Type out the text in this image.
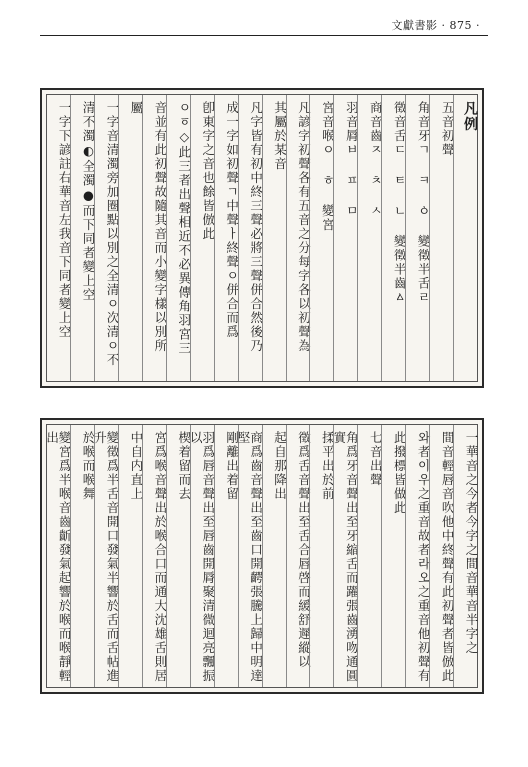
文獻書影 · 875 ·
凡例
五音初聲
角音牙ㄱ ㅋ ㆁ 變徵半舌ㄹ
徵音舌ㄷ ㅌ ㄴ 變徵半齒ㅿ
商音齒ㅈ ㅊ ㅅ
羽音脣ㅂ ㅍ ㅁ
宮音喉ㅇ ㅎ 變宮
凡諺字初聲各有五音之分每字各以初聲為
其屬於某音
凡字皆有初中終三聲必將三聲併合然後乃
成一字如初聲ㄱ中聲ㅏ終聲ㅇ併合而爲
卽東字之音也餘皆倣此
ㅇㆆ◇此三者出聲相近不必異傳角羽宮三
音並有此初聲故隨其音而小變字樣以別所
屬
一字音清濁旁加圈點以別之全清ㅇ次清ㅇ不
清不濁◐全濁●而下同者變上空
一字下諺註右華音左我音下同者變上空
一華音之今者今字之間音華音半字之
間音輕唇音吹他中終聲有此初聲者皆倣此
와者이우之重音故者라오之重音他初聲有
此撥標皆做此
七音出聲
角爲牙音聲出至牙縮舌而躍張齒湧吻通圓實
揉平出於前
徵爲舌音聲出至舌合唇啓而緩舒遲縱以
起自那降出
商爲齒音聲出至齒口開齶張騰上歸中明達堅
剛離出着留
羽爲唇音聲出至唇齒開脣聚清微迴亮飄振以
楔着留而去
宮爲喉音聲出於喉合口而通大沈雄舌則居
中自内直上
變徵爲半舌音開口發氣半響於舌而舌帖進升
於喉而喉舞
變宮爲半喉音齒齗發氣起響於喉而喉靜輕出
